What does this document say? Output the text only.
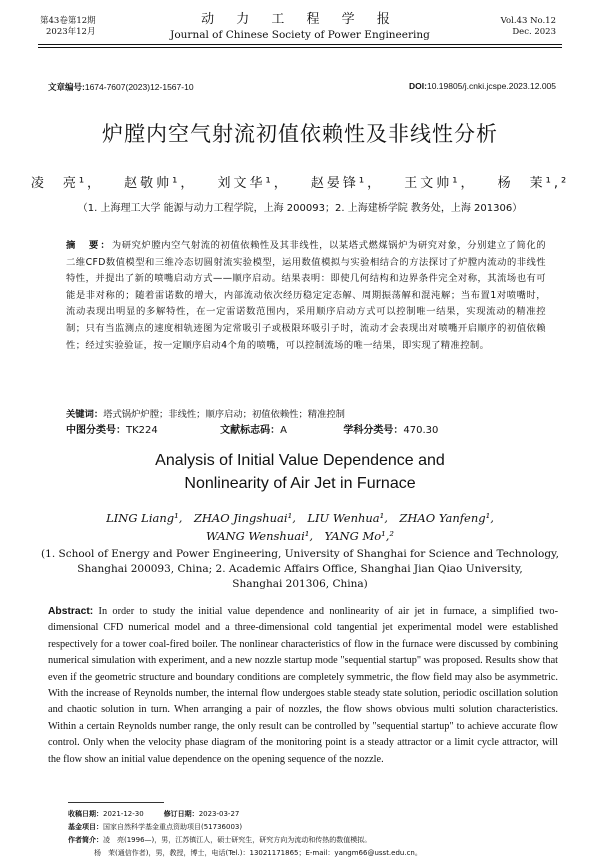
第43卷第12期
2023年12月
动 力 工 程 学 报
Journal of Chinese Society of Power Engineering
Vol.43 No.12
Dec. 2023
文章编号:1674-7607(2023)12-1567-10	DOI:10.19805/j.cnki.jcspe.2023.12.005
炉膛内空气射流初值依赖性及非线性分析
凌　亮¹， 赵敬帅¹， 刘文华¹， 赵晏锋¹， 王文帅¹， 杨　茉¹,²
（1. 上海理工大学 能源与动力工程学院，上海 200093；2. 上海建桥学院 教务处，上海 201306）
摘　要：为研究炉膛内空气射流的初值依赖性及其非线性，以某塔式燃煤锅炉为研究对象，分别建立了简化的二维CFD数值模型和三维冷态切圆射流实验模型，运用数值模拟与实验相结合的方法探讨了炉膛内流动的非线性特性，并提出了新的喷嘴启动方式——顺序启动。结果表明：即使几何结构和边界条件完全对称，其流场也有可能是非对称的；随着雷诺数的增大，内部流动依次经历稳定定态解、周期振荡解和混沌解；当布置1对喷嘴时，流动表现出明显的多解特性，在一定雷诺数范围内，采用顺序启动方式可以控制唯一结果，实现流动的精准控制；只有当监测点的速度相轨迹图为定常吸引子或极限环吸引子时，流动才会表现出对喷嘴开启顺序的初值依赖性；经过实验验证，按一定顺序启动4个角的喷嘴，可以控制流场的唯一结果，即实现了精准控制。
关键词：塔式锅炉炉膛；非线性；顺序启动；初值依赖性；精准控制
中图分类号：TK224	文献标志码：A	学科分类号：470.30
Analysis of Initial Value Dependence and
Nonlinearity of Air Jet in Furnace
LING Liang¹,　ZHAO Jingshuai¹,　LIU Wenhua¹,　ZHAO Yanfeng¹,
WANG Wenshuai¹,　YANG Mo¹,²
(1. School of Energy and Power Engineering, University of Shanghai for Science and Technology,
Shanghai 200093, China; 2. Academic Affairs Office, Shanghai Jian Qiao University,
Shanghai 201306, China)
Abstract: In order to study the initial value dependence and nonlinearity of air jet in furnace, a simplified two-dimensional CFD numerical model and a three-dimensional cold tangential jet experimental model were established respectively for a tower coal-fired boiler. The nonlinear characteristics of flow in the furnace were discussed by combining numerical simulation with experiment, and a new nozzle startup mode "sequential startup" was proposed. Results show that even if the geometric structure and boundary conditions are completely symmetric, the flow field may also be asymmetric. With the increase of Reynolds number, the internal flow undergoes stable steady state solution, periodic oscillation solution and chaotic solution in turn. When arranging a pair of nozzles, the flow shows obvious multi solution characteristics. Within a certain Reynolds number range, the only result can be controlled by "sequential startup" to achieve accurate flow control. Only when the velocity phase diagram of the monitoring point is a steady attractor or a limit cycle attractor, will the flow show an initial value dependence on the opening sequence of the nozzle.
收稿日期：2021-12-30	修订日期：2023-03-27
基金项目：国家自然科学基金重点资助项目(51736003)
作者简介：凌　亮(1996—)，男，江苏镇江人，硕士研究生，研究方向为流动和传热的数值模拟。
杨　茉(通信作者)，男，教授，博士，电话(Tel.)：13021171865；E-mail：yangm66@usst.edu.cn。
